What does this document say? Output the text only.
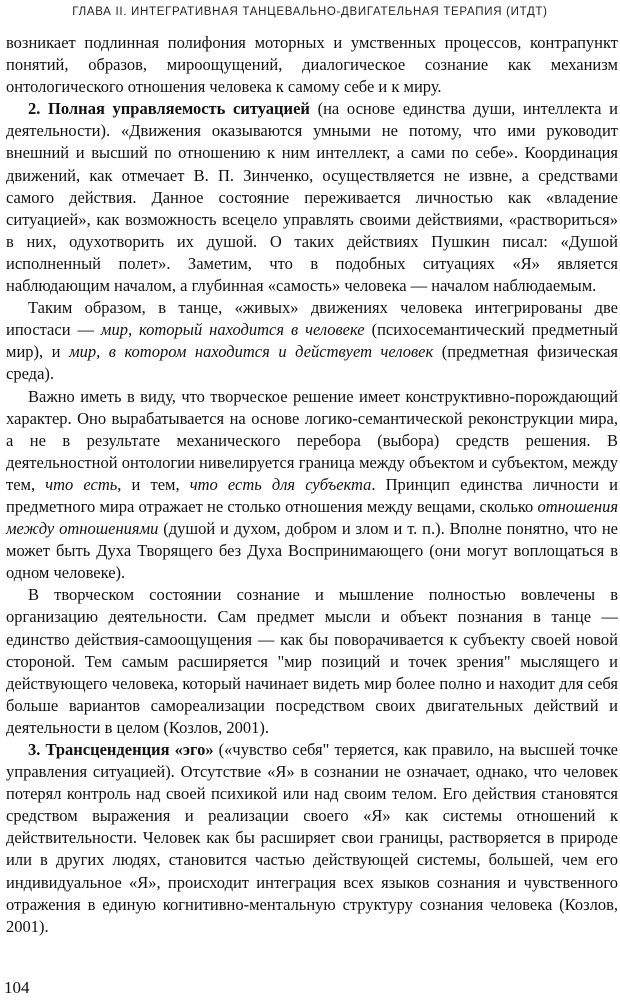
ГЛАВА II. ИНТЕГРАТИВНАЯ ТАНЦЕВАЛЬНО-ДВИГАТЕЛЬНАЯ ТЕРАПИЯ (ИТДТ)

возникает подлинная полифония моторных и умственных процессов, контрапункт понятий, образов, мироощущений, диалогическое сознание как механизм онтологического отношения человека к самому себе и к миру.

2. Полная управляемость ситуацией (на основе единства души, интеллекта и деятельности). «Движения оказываются умными не потому, что ими руководит внешний и высший по отношению к ним интеллект, а сами по себе». Координация движений, как отмечает В. П. Зинченко, осуществляется не извне, а средствами самого действия. Данное состояние переживается личностью как «владение ситуацией», как возможность всецело управлять своими действиями, «раствориться» в них, одухотворить их душой. О таких действиях Пушкин писал: «Душой исполненный полет». Заметим, что в подобных ситуациях «Я» является наблюдающим началом, а глубинная «самость» человека — началом наблюдаемым.

Таким образом, в танце, «живых» движениях человека интегрированы две ипостаси — мир, который находится в человеке (психосемантический предметный мир), и мир, в котором находится и действует человек (предметная физическая среда).

Важно иметь в виду, что творческое решение имеет конструктивно-порождающий характер. Оно вырабатывается на основе логико-семантической реконструкции мира, а не в результате механического перебора (выбора) средств решения. В деятельностной онтологии нивелируется граница между объектом и субъектом, между тем, что есть, и тем, что есть для субъекта. Принцип единства личности и предметного мира отражает не столько отношения между вещами, сколько отношения между отношениями (душой и духом, добром и злом и т. п.). Вполне понятно, что не может быть Духа Творящего без Духа Воспринимающего (они могут воплощаться в одном человеке).

В творческом состоянии сознание и мышление полностью вовлечены в организацию деятельности. Сам предмет мысли и объект познания в танце — единство действия-самоощущения — как бы поворачивается к субъекту своей новой стороной. Тем самым расширяется "мир позиций и точек зрения" мыслящего и действующего человека, который начинает видеть мир более полно и находит для себя больше вариантов самореализации посредством своих двигательных действий и деятельности в целом (Козлов, 2001).

3. Трансценденция «эго» («чувство себя" теряется, как правило, на высшей точке управления ситуацией). Отсутствие «Я» в сознании не означает, однако, что человек потерял контроль над своей психикой или над своим телом. Его действия становятся средством выражения и реализации своего «Я» как системы отношений к действительности. Человек как бы расширяет свои границы, растворяется в природе или в других людях, становится частью действующей системы, большей, чем его индивидуальное «Я», происходит интеграция всех языков сознания и чувственного отражения в единую когнитивно-ментальную структуру сознания человека (Козлов, 2001).

104
